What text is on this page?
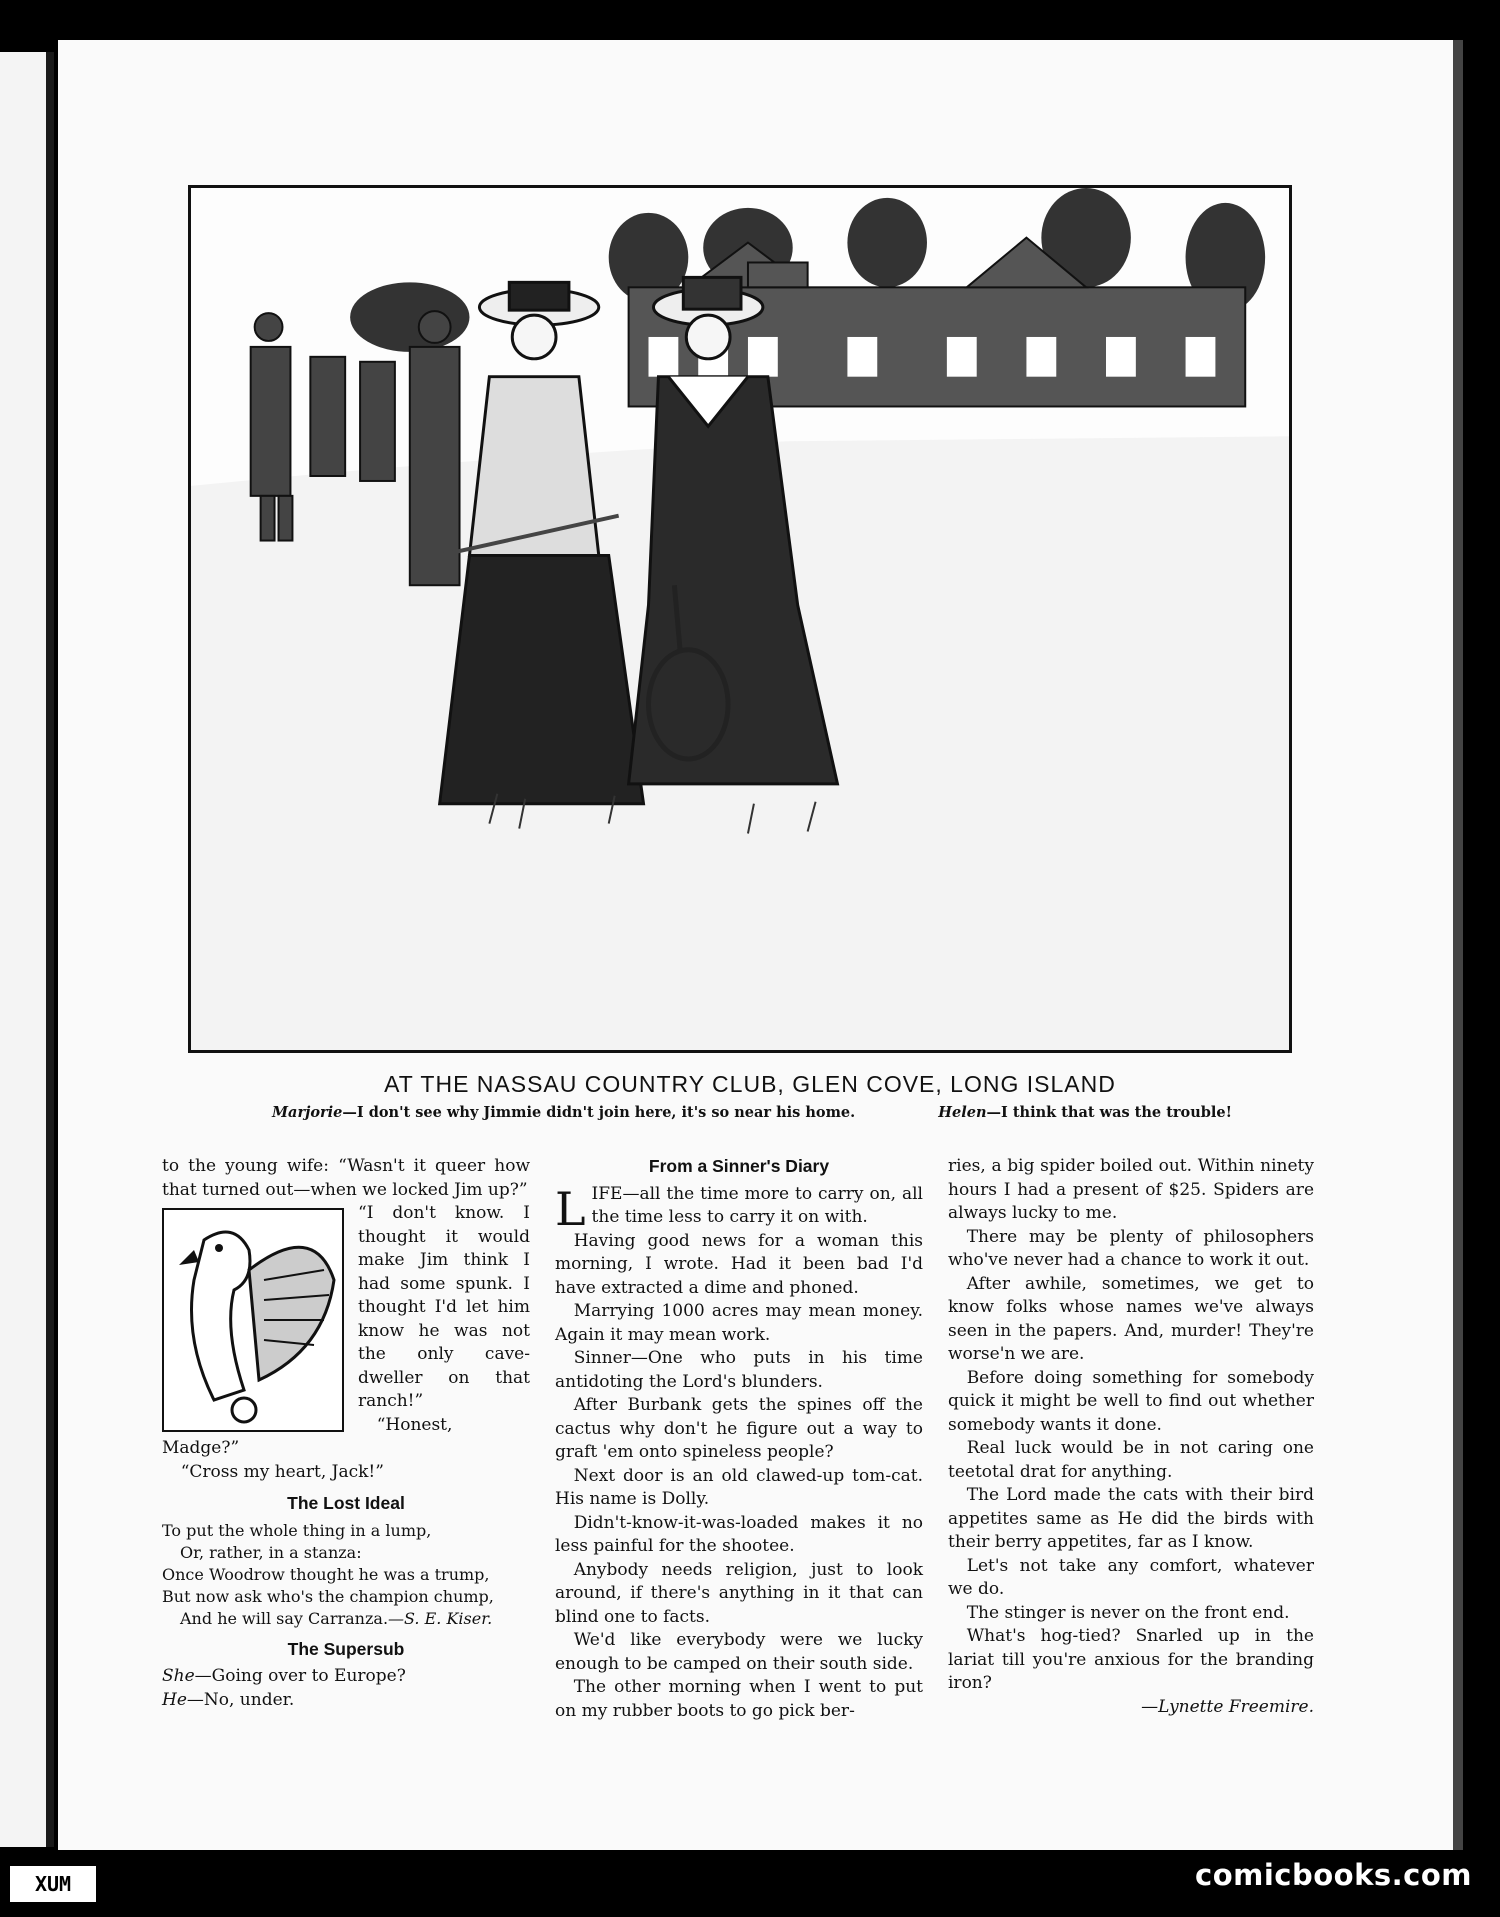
AT THE NASSAU COUNTRY CLUB, GLEN COVE, LONG ISLAND
Marjorie—I don't see why Jimmie didn't join here, it's so near his home.	Helen—I think that was the trouble!

to the young wife: “Wasn't it queer how that turned out—when we locked Jim up?”

“I don't know. I thought it would make Jim think I had some spunk. I thought I'd let him know he was not the only cave-dweller on that ranch!”

“Honest, Madge?”

“Cross my heart, Jack!”

The Lost Ideal
To put the whole thing in a lump,
Or, rather, in a stanza:
Once Woodrow thought he was a trump,
But now ask who's the champion chump,
And he will say Carranza.—S. E. Kiser.
The Supersub

She—Going over to Europe?

He—No, under.

From a Sinner's Diary

LIFE—all the time more to carry on, all the time less to carry it on with.

Having good news for a woman this morning, I wrote. Had it been bad I'd have extracted a dime and phoned.

Marrying 1000 acres may mean money. Again it may mean work.

Sinner—One who puts in his time antidoting the Lord's blunders.

After Burbank gets the spines off the cactus why don't he figure out a way to graft 'em onto spineless people?

Next door is an old clawed-up tom-cat. His name is Dolly.

Didn't-know-it-was-loaded makes it no less painful for the shootee.

Anybody needs religion, just to look around, if there's anything in it that can blind one to facts.

We'd like everybody were we lucky enough to be camped on their south side.

The other morning when I went to put on my rubber boots to go pick ber-

ries, a big spider boiled out. Within ninety hours I had a present of $25. Spiders are always lucky to me.

There may be plenty of philosophers who've never had a chance to work it out.

After awhile, sometimes, we get to know folks whose names we've always seen in the papers. And, murder! They're worse'n we are.

Before doing something for somebody quick it might be well to find out whether somebody wants it done.

Real luck would be in not caring one teetotal drat for anything.

The Lord made the cats with their bird appetites same as He did the birds with their berry appetites, far as I know.

Let's not take any comfort, whatever we do.

The stinger is never on the front end.

What's hog-tied? Snarled up in the lariat till you're anxious for the branding iron?

—Lynette Freemire.

XUM	comicbooks.com
